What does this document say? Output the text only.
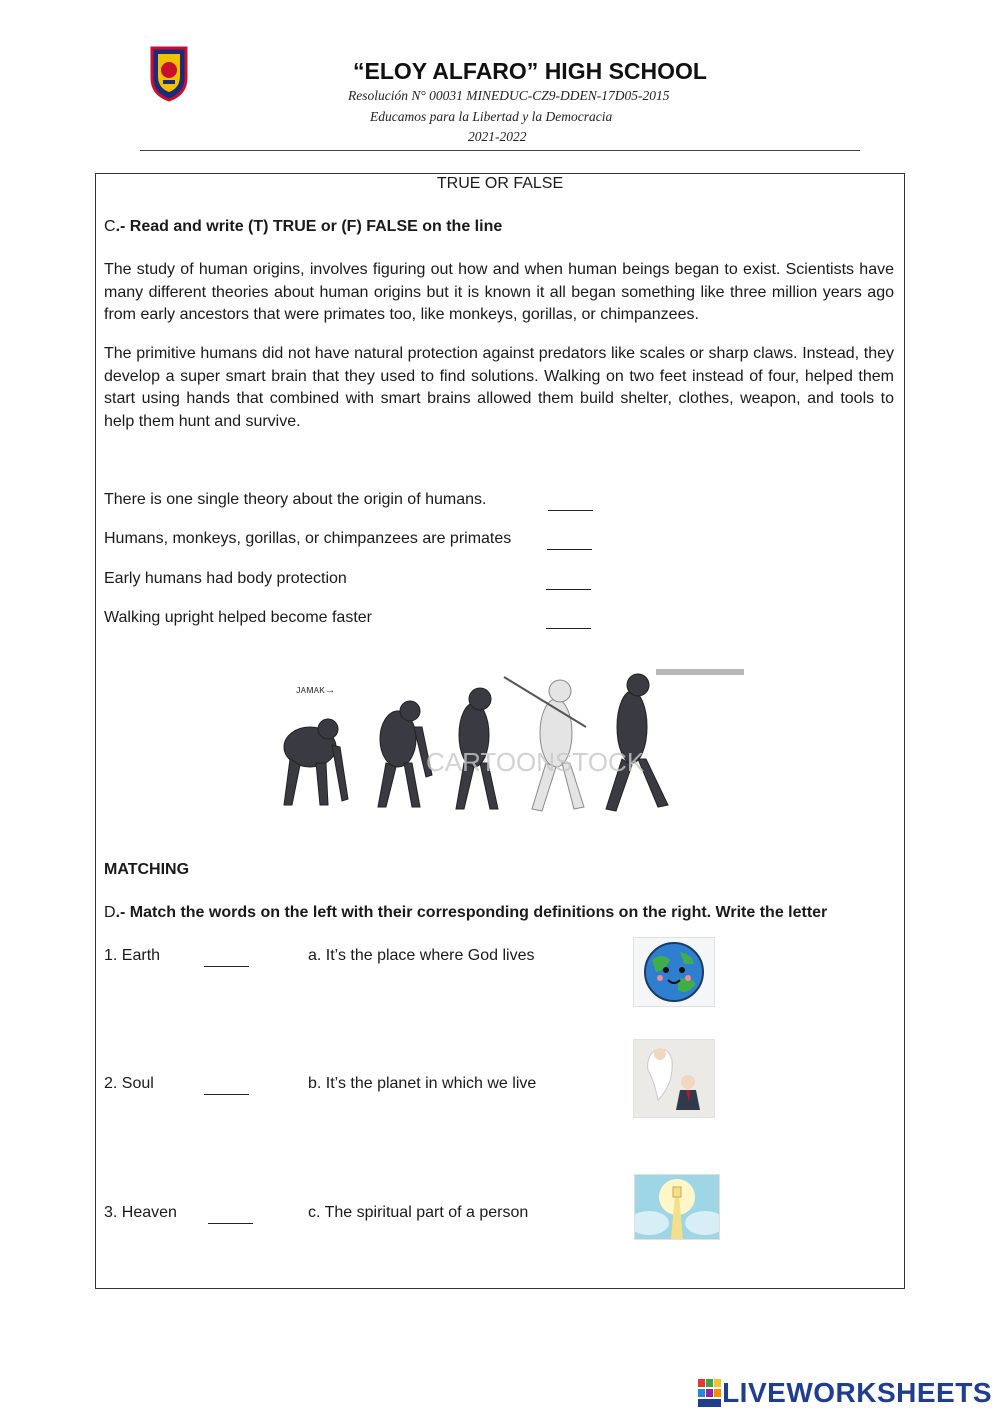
“ELOY ALFARO” HIGH SCHOOL
Resolución N° 00031 MINEDUC-CZ9-DDEN-17D05-2015
Educamos para la Libertad y la Democracia
2021-2022
TRUE OR FALSE
C.- Read and write (T) TRUE or (F) FALSE on the line
The study of human origins, involves figuring out how and when human beings began to exist. Scientists have many different theories about human origins but it is known it all began something like three million years ago from early ancestors that were primates too, like monkeys, gorillas, or chimpanzees.
The primitive humans did not have natural protection against predators like scales or sharp claws. Instead, they develop a super smart brain that they used to find solutions. Walking on two feet instead of four, helped them start using hands that combined with smart brains allowed them build shelter, clothes, weapon, and tools to help them hunt and survive.
There is one single theory about the origin of humans.
Humans, monkeys, gorillas, or chimpanzees are primates
Early humans had body protection
Walking upright helped become faster
ᴊᴀᴍᴀᴋ→
CARTOONSTOCK
MATCHING
D.- Match the words on the left with their corresponding definitions on the right. Write the letter
1. Earth	a. It’s the place where God lives
2. Soul	b. It’s the planet in which we live
3. Heaven	c. The spiritual part of a person
LIVEWORKSHEETS
